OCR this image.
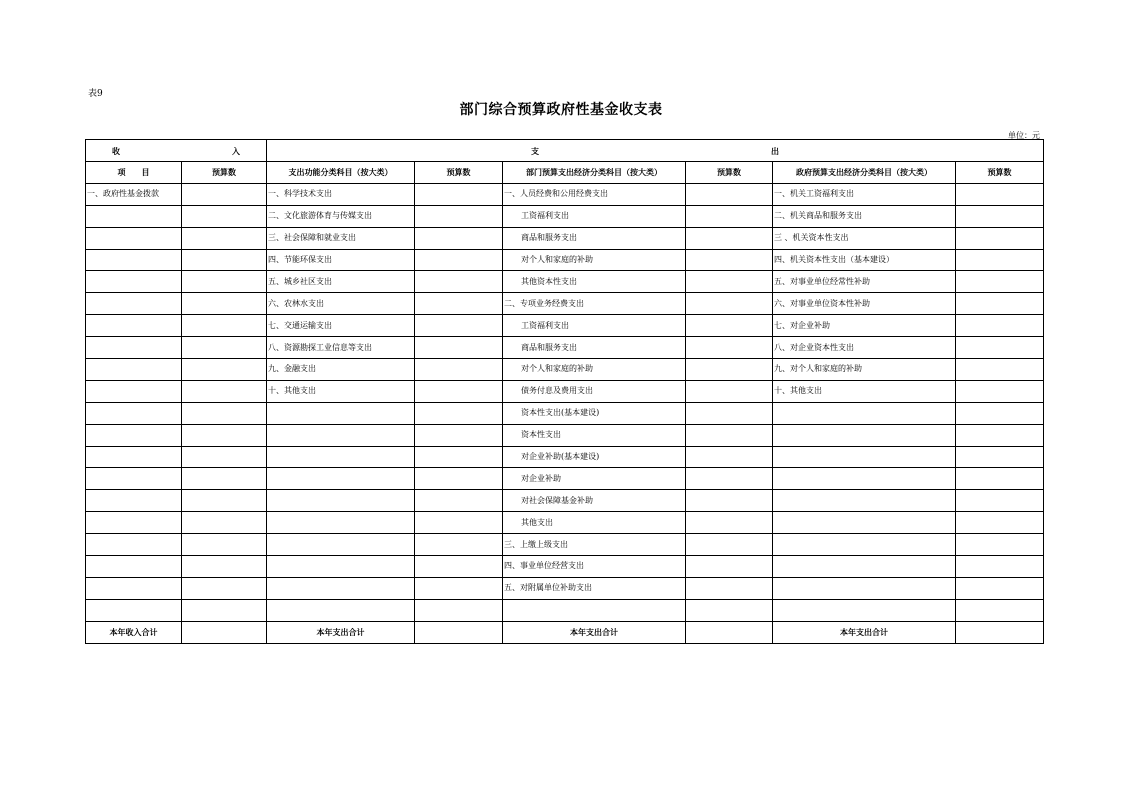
表9
部门综合预算政府性基金收支表
单位：元
收　　　　　　　　　　　　　　入		支　　　　　　　　　　　　　　　　　　　　　　　　　　　　　出					
项　　目	预算数	支出功能分类科目（按大类）	预算数	部门预算支出经济分类科目（按大类）	预算数	政府预算支出经济分类科目（按大类）	预算数
一、政府性基金拨款		一、科学技术支出		一、人员经费和公用经费支出		一、机关工资福利支出	
		二、文化旅游体育与传媒支出		工资福利支出		二、机关商品和服务支出	
		三、社会保障和就业支出		商品和服务支出		三 、机关资本性支出	
		四、节能环保支出		对个人和家庭的补助		四、机关资本性支出（基本建设）	
		五、城乡社区支出		其他资本性支出		五、对事业单位经常性补助	
		六、农林水支出		二、专项业务经费支出		六、对事业单位资本性补助	
		七、交通运输支出		工资福利支出		七、对企业补助	
		八、资源勘探工业信息等支出		商品和服务支出		八、对企业资本性支出	
		九、金融支出		对个人和家庭的补助		九、对个人和家庭的补助	
		十、其他支出		债务付息及费用支出		十、其他支出	
				资本性支出(基本建设)			
				资本性支出			
				对企业补助(基本建设)			
				对企业补助			
				对社会保障基金补助			
				其他支出			
				三、上缴上级支出			
				四、事业单位经营支出			
				五、对附属单位补助支出			

本年收入合计		本年支出合计		本年支出合计		本年支出合计	
